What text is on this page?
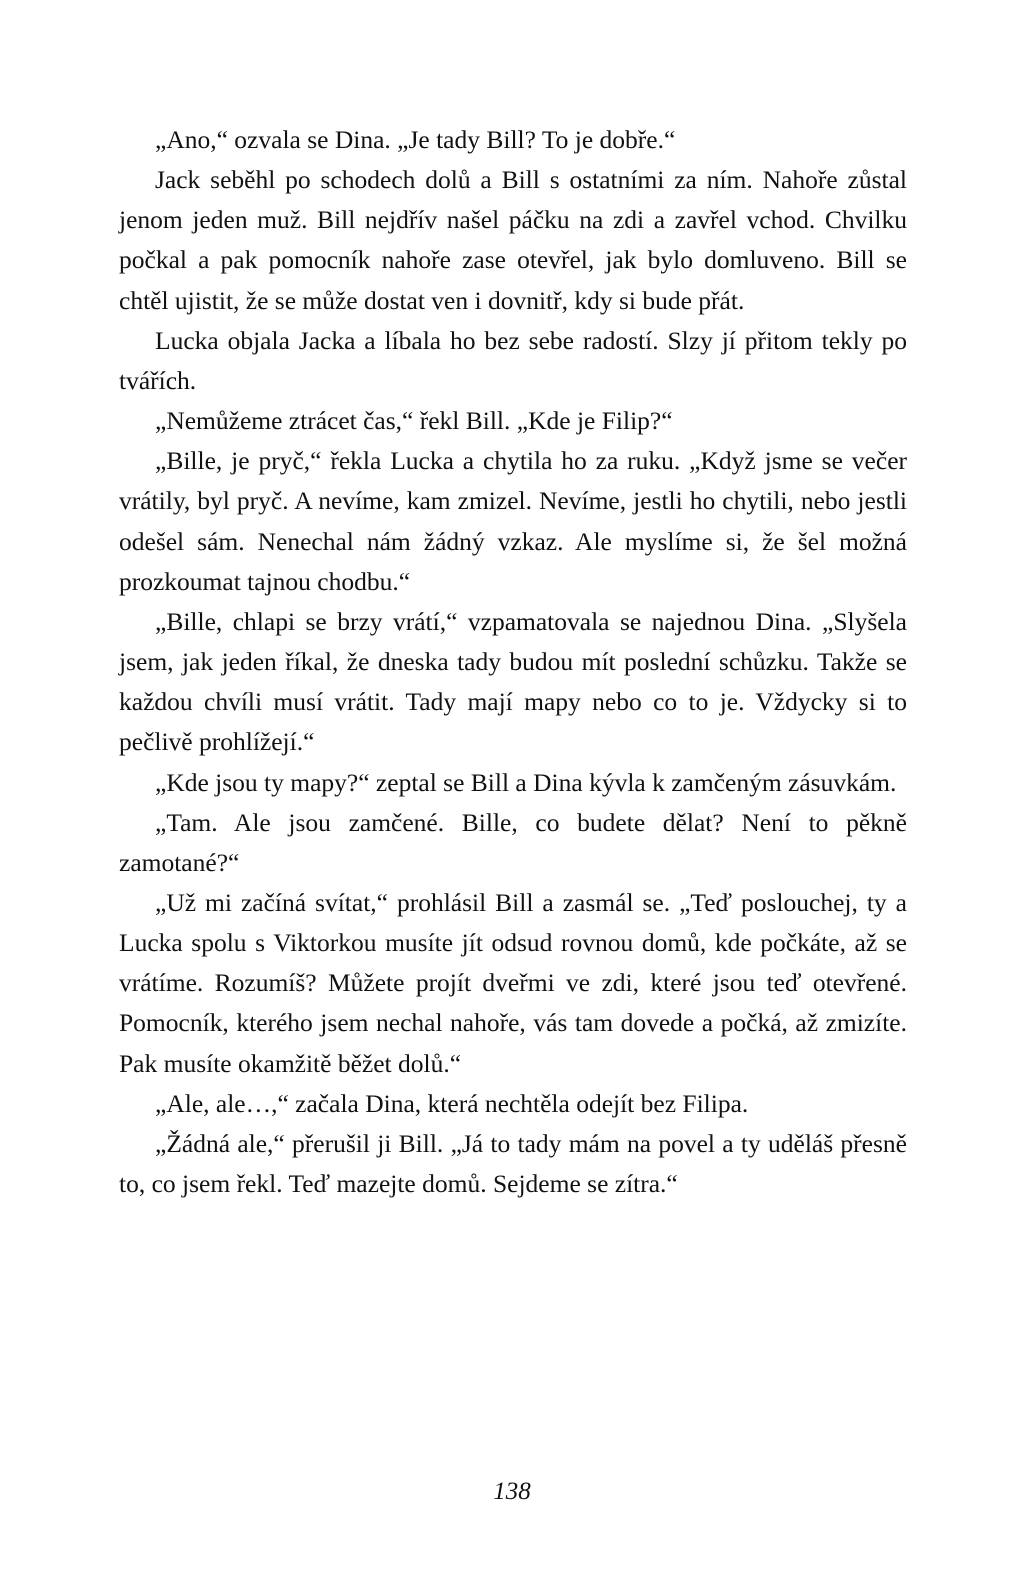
„Ano,“ ozvala se Dina. „Je tady Bill? To je dobře.“

Jack seběhl po schodech dolů a Bill s ostatními za ním. Nahoře zůstal jenom jeden muž. Bill nejdřív našel páčku na zdi a zavřel vchod. Chvilku počkal a pak pomocník nahoře zase otevřel, jak bylo domluveno. Bill se chtěl ujistit, že se může dostat ven i dovnitř, kdy si bude přát.

Lucka objala Jacka a líbala ho bez sebe radostí. Slzy jí přitom tekly po tvářích.

„Nemůžeme ztrácet čas,“ řekl Bill. „Kde je Filip?“

„Bille, je pryč,“ řekla Lucka a chytila ho za ruku. „Když jsme se večer vrátily, byl pryč. A nevíme, kam zmizel. Nevíme, jestli ho chytili, nebo jestli odešel sám. Nenechal nám žádný vzkaz. Ale myslíme si, že šel možná prozkoumat tajnou chodbu.“

„Bille, chlapi se brzy vrátí,“ vzpamatovala se najednou Dina. „Slyšela jsem, jak jeden říkal, že dneska tady budou mít poslední schůzku. Takže se každou chvíli musí vrátit. Tady mají mapy nebo co to je. Vždycky si to pečlivě prohlížejí.“

„Kde jsou ty mapy?“ zeptal se Bill a Dina kývla k zamčeným zásuvkám.

„Tam. Ale jsou zamčené. Bille, co budete dělat? Není to pěkně zamotané?“

„Už mi začíná svítat,“ prohlásil Bill a zasmál se. „Teď poslouchej, ty a Lucka spolu s Viktorkou musíte jít odsud rovnou domů, kde počkáte, až se vrátíme. Rozumíš? Můžete projít dveřmi ve zdi, které jsou teď otevřené. Pomocník, kterého jsem nechal nahoře, vás tam dovede a počká, až zmizíte. Pak musíte okamžitě běžet dolů.“

„Ale, ale…,“ začala Dina, která nechtěla odejít bez Filipa.

„Žádná ale,“ přerušil ji Bill. „Já to tady mám na povel a ty uděláš přesně to, co jsem řekl. Teď mazejte domů. Sejdeme se zítra.“

138
